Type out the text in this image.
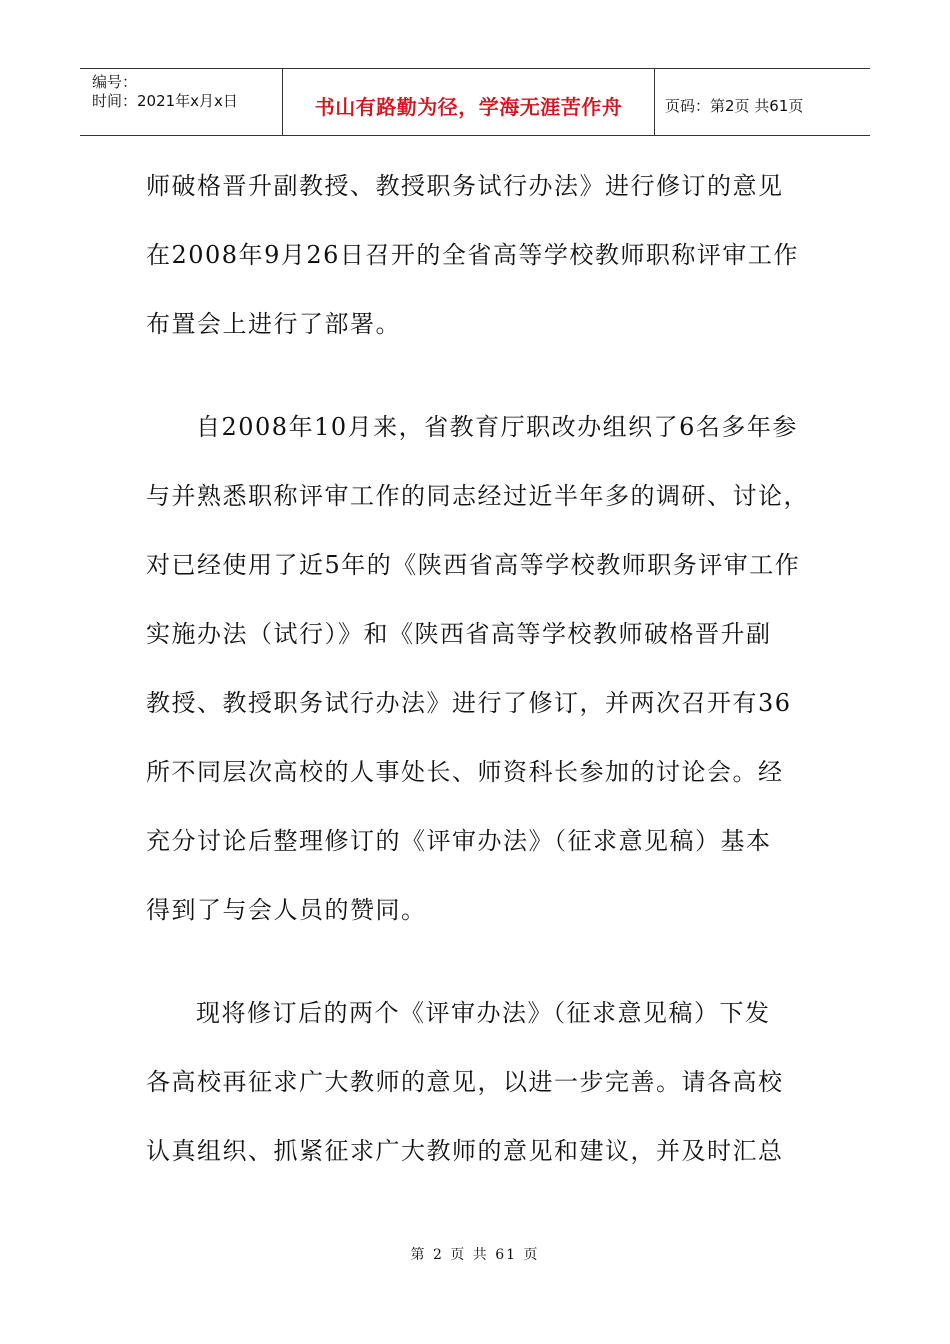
编号：
时间：2021年x月x日	书山有路勤为径，学海无涯苦作舟	页码：第2页 共61页

师破格晋升副教授、教授职务试行办法》进行修订的意见
在2008年9月26日召开的全省高等学校教师职称评审工作
布置会上进行了部署。

自2008年10月来，省教育厅职改办组织了6名多年参
与并熟悉职称评审工作的同志经过近半年多的调研、讨论，
对已经使用了近5年的《陕西省高等学校教师职务评审工作
实施办法（试行）》和《陕西省高等学校教师破格晋升副
教授、教授职务试行办法》进行了修订，并两次召开有36
所不同层次高校的人事处长、师资科长参加的讨论会。经
充分讨论后整理修订的《评审办法》（征求意见稿）基本
得到了与会人员的赞同。

现将修订后的两个《评审办法》（征求意见稿）下发
各高校再征求广大教师的意见，以进一步完善。请各高校
认真组织、抓紧征求广大教师的意见和建议，并及时汇总

第 2 页 共 61 页
